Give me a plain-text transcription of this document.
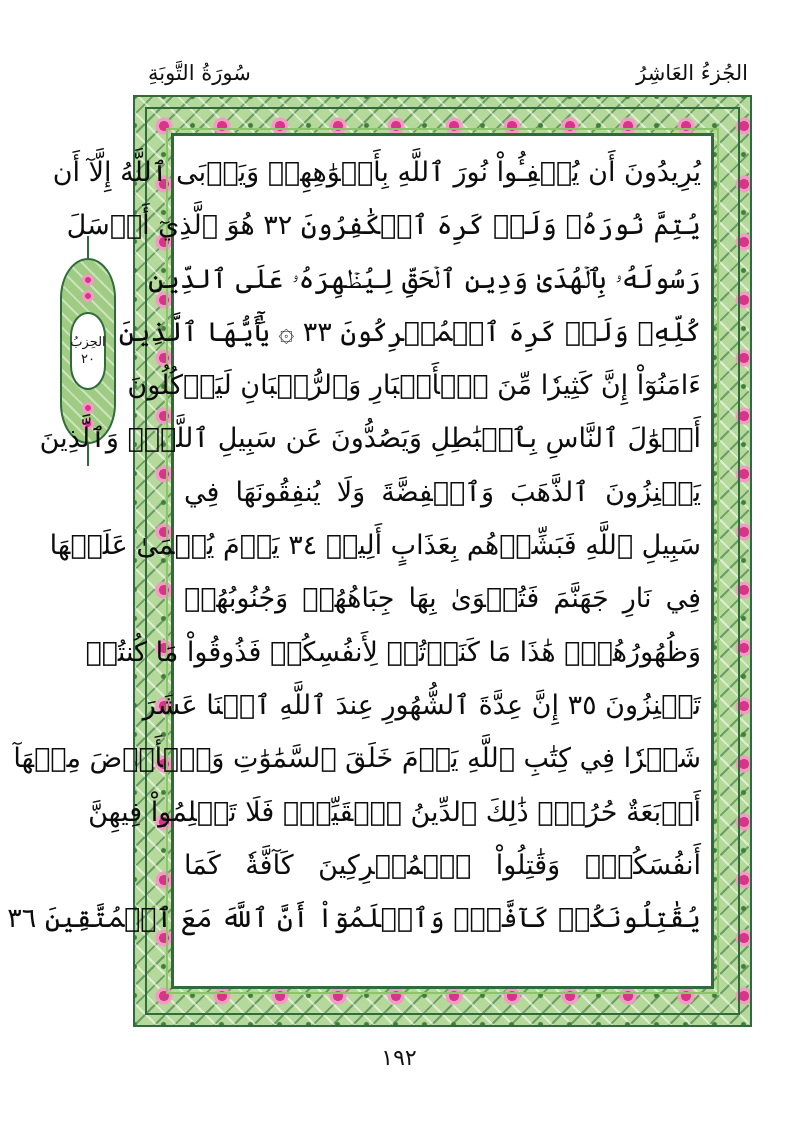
الجُزءُ العَاشِرُ
سُورَةُ التَّوبَةِ
الحِزبُ
٢٠
يُرِيدُونَ أَن يُطۡفِـُٔواْ نُورَ ٱللَّهِ بِأَفۡوَٰهِهِمۡ وَيَأۡبَى ٱللَّهُ إِلَّآ أَن
يُتِمَّ نُورَهُۥ وَلَوۡ كَرِهَ ٱلۡكَٰفِرُونَ ٣٢ هُوَ ٱلَّذِيٓ أَرۡسَلَ
رَسُولَهُۥ بِٱلۡهُدَىٰ وَدِينِ ٱلۡحَقِّ لِيُظۡهِرَهُۥ عَلَى ٱلدِّينِ
كُلِّهِۦ وَلَوۡ كَرِهَ ٱلۡمُشۡرِكُونَ ٣٣ ۞ يَٰٓأَيُّهَا ٱلَّذِينَ
ءَامَنُوٓاْ إِنَّ كَثِيرٗا مِّنَ ٱلۡأَحۡبَارِ وَٱلرُّهۡبَانِ لَيَأۡكُلُونَ
أَمۡوَٰلَ ٱلنَّاسِ بِٱلۡبَٰطِلِ وَيَصُدُّونَ عَن سَبِيلِ ٱللَّهِۗ وَٱلَّذِينَ
يَكۡنِزُونَ ٱلذَّهَبَ وَٱلۡفِضَّةَ وَلَا يُنفِقُونَهَا فِي
سَبِيلِ ٱللَّهِ فَبَشِّرۡهُم بِعَذَابٍ أَلِيمٖ ٣٤ يَوۡمَ يُحۡمَىٰ عَلَيۡهَا
فِي نَارِ جَهَنَّمَ فَتُكۡوَىٰ بِهَا جِبَاهُهُمۡ وَجُنُوبُهُمۡ
وَظُهُورُهُمۡۖ هَٰذَا مَا كَنَزۡتُمۡ لِأَنفُسِكُمۡ فَذُوقُواْ مَا كُنتُمۡ
تَكۡنِزُونَ ٣٥ إِنَّ عِدَّةَ ٱلشُّهُورِ عِندَ ٱللَّهِ ٱثۡنَا عَشَرَ
شَهۡرٗا فِي كِتَٰبِ ٱللَّهِ يَوۡمَ خَلَقَ ٱلسَّمَٰوَٰتِ وَٱلۡأَرۡضَ مِنۡهَآ
أَرۡبَعَةٌ حُرُمٞۚ ذَٰلِكَ ٱلدِّينُ ٱلۡقَيِّمُۚ فَلَا تَظۡلِمُواْ فِيهِنَّ
أَنفُسَكُمۡۚ وَقَٰتِلُواْ ٱلۡمُشۡرِكِينَ كَآفَّةٗ كَمَا
يُقَٰتِلُونَكُمۡ كَآفَّةٗۚ وَٱعۡلَمُوٓاْ أَنَّ ٱللَّهَ مَعَ ٱلۡمُتَّقِينَ ٣٦
١٩٢
